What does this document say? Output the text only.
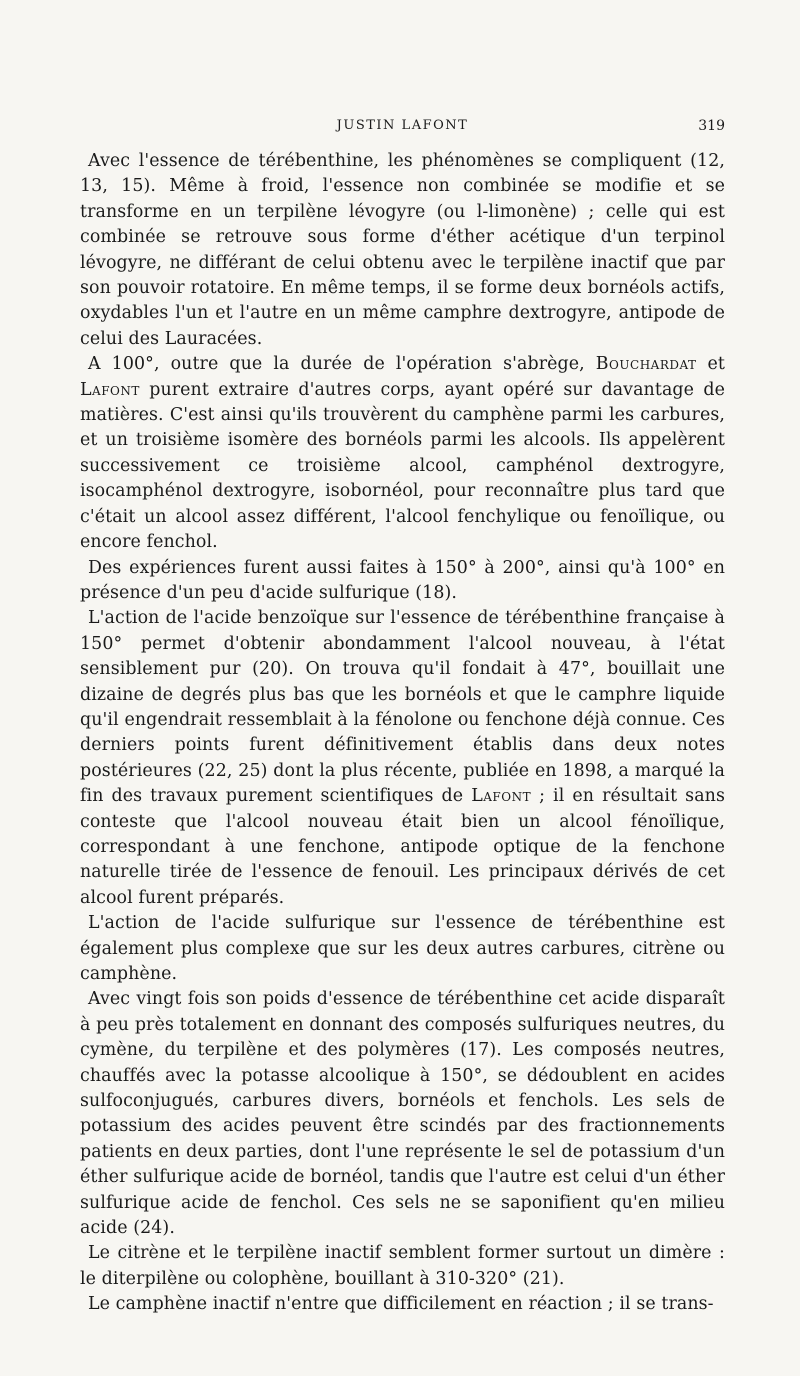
JUSTIN LAFONT	319

Avec l'essence de térébenthine, les phénomènes se compliquent (12, 13, 15). Même à froid, l'essence non combinée se modifie et se transforme en un terpilène lévogyre (ou l-limonène) ; celle qui est combinée se retrouve sous forme d'éther acétique d'un terpinol lévogyre, ne différant de celui obtenu avec le terpilène inactif que par son pouvoir rotatoire. En même temps, il se forme deux bornéols actifs, oxydables l'un et l'autre en un même camphre dextrogyre, antipode de celui des Lauracées.

A 100°, outre que la durée de l'opération s'abrège, Bouchardat et Lafont purent extraire d'autres corps, ayant opéré sur davantage de matières. C'est ainsi qu'ils trouvèrent du camphène parmi les carbures, et un troisième isomère des bornéols parmi les alcools. Ils appelèrent successivement ce troisième alcool, camphénol dextrogyre, isocamphénol dextrogyre, isobornéol, pour reconnaître plus tard que c'était un alcool assez différent, l'alcool fenchylique ou fenoïlique, ou encore fenchol.

Des expériences furent aussi faites à 150° à 200°, ainsi qu'à 100° en présence d'un peu d'acide sulfurique (18).

L'action de l'acide benzoïque sur l'essence de térébenthine française à 150° permet d'obtenir abondamment l'alcool nouveau, à l'état sensiblement pur (20). On trouva qu'il fondait à 47°, bouillait une dizaine de degrés plus bas que les bornéols et que le camphre liquide qu'il engendrait ressemblait à la fénolone ou fenchone déjà connue. Ces derniers points furent définitivement établis dans deux notes postérieures (22, 25) dont la plus récente, publiée en 1898, a marqué la fin des travaux purement scientifiques de Lafont ; il en résultait sans conteste que l'alcool nouveau était bien un alcool fénoïlique, correspondant à une fenchone, antipode optique de la fenchone naturelle tirée de l'essence de fenouil. Les principaux dérivés de cet alcool furent préparés.

L'action de l'acide sulfurique sur l'essence de térébenthine est également plus complexe que sur les deux autres carbures, citrène ou camphène.

Avec vingt fois son poids d'essence de térébenthine cet acide disparaît à peu près totalement en donnant des composés sulfuriques neutres, du cymène, du terpilène et des polymères (17). Les composés neutres, chauffés avec la potasse alcoolique à 150°, se dédoublent en acides sulfoconjugués, carbures divers, bornéols et fenchols. Les sels de potassium des acides peuvent être scindés par des fractionnements patients en deux parties, dont l'une représente le sel de potassium d'un éther sulfurique acide de bornéol, tandis que l'autre est celui d'un éther sulfurique acide de fenchol. Ces sels ne se saponifient qu'en milieu acide (24).

Le citrène et le terpilène inactif semblent former surtout un dimère : le diterpilène ou colophène, bouillant à 310-320° (21).

Le camphène inactif n'entre que difficilement en réaction ; il se trans-
